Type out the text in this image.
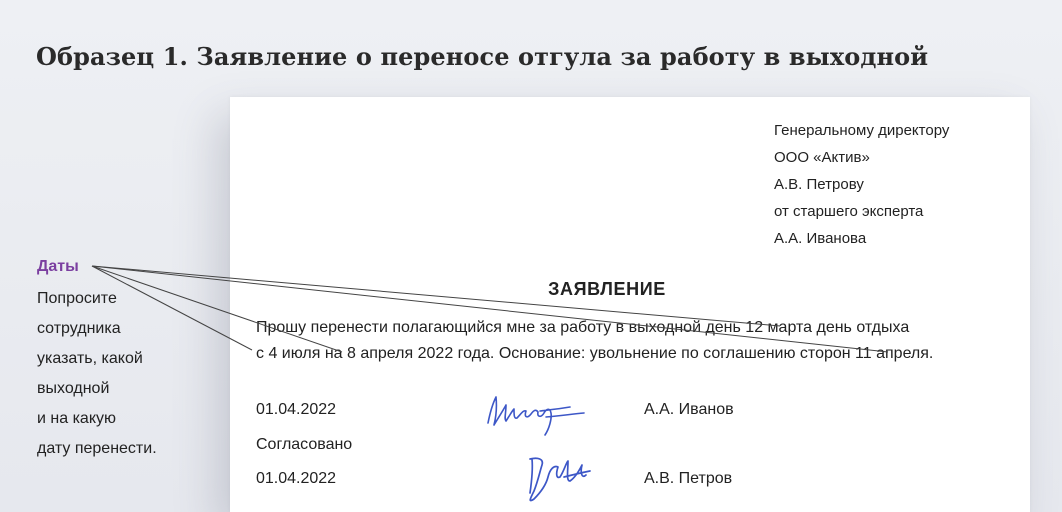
Образец 1. Заявление о переносе отгула за работу в выходной
Генеральному директору
ООО «Актив»
А.В. Петрову
от старшего эксперта
А.А. Иванова
ЗАЯВЛЕНИЕ
Прошу перенести полагающийся мне за работу в выходной день 12 марта день отдыха
с 4 июля на 8 апреля 2022 года. Основание: увольнение по соглашению сторон 11 апреля.
01.04.2022	А.А. Иванов
Согласовано
01.04.2022	А.В. Петров
Даты
Попросите
сотрудника
указать, какой
выходной
и на какую
дату перенести.
